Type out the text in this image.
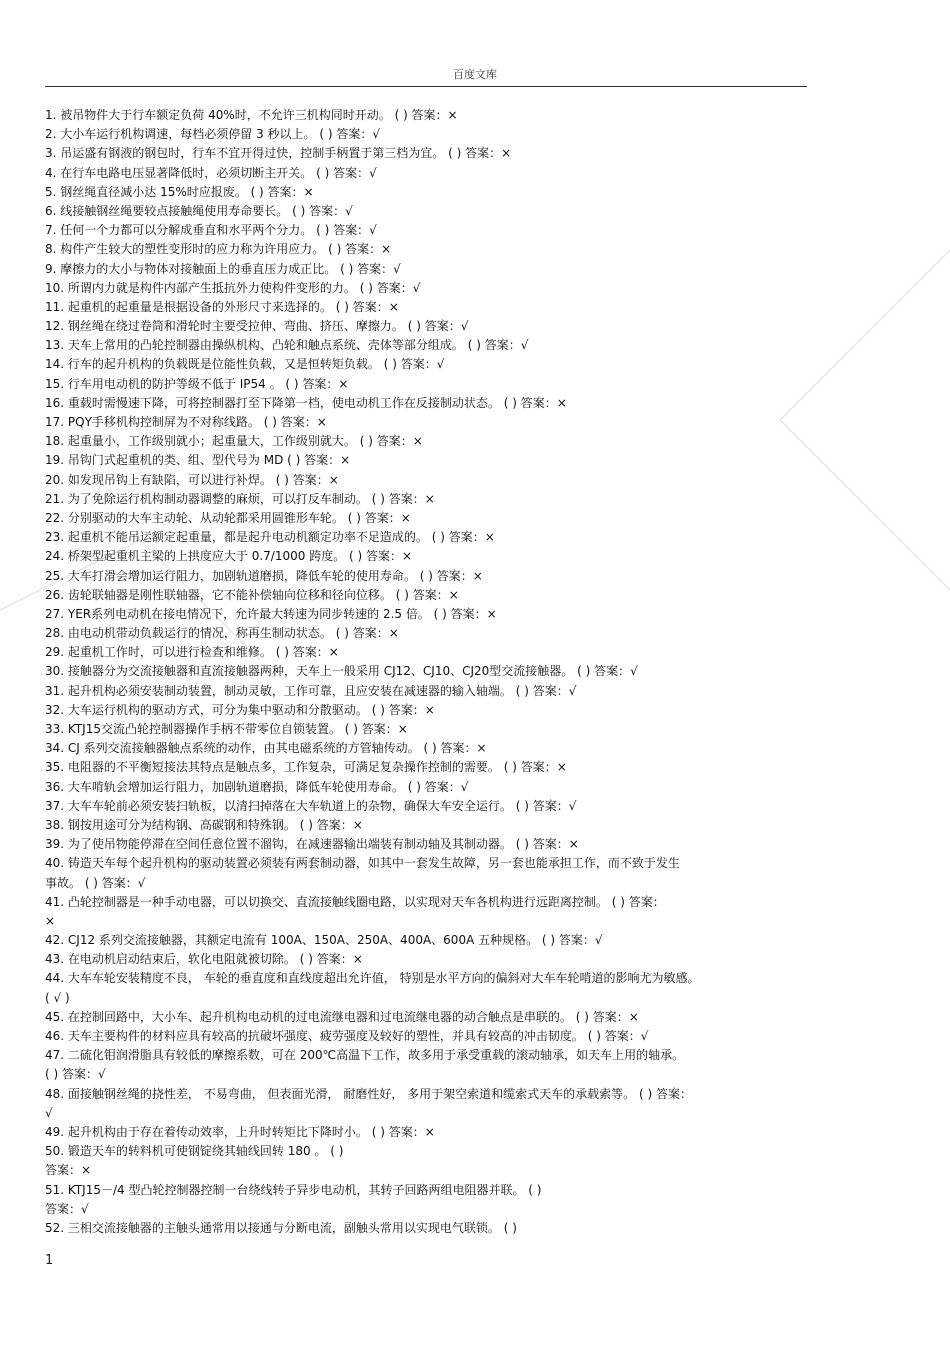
百度文库
1. 被吊物件大于行车额定负荷 40%时，不允许三机构同时开动。 ( ) 答案：×
2. 大小车运行机构调速，每档必须停留 3 秒以上。 ( ) 答案：√
3. 吊运盛有钢液的钢包时，行车不宜开得过快，控制手柄置于第三档为宜。 ( ) 答案：×
4. 在行车电路电压显著降低时，必须切断主开关。 ( ) 答案：√
5. 钢丝绳直径减小达 15%时应报废。 ( ) 答案：×
6. 线接触钢丝绳要较点接触绳使用寿命要长。 ( ) 答案：√
7. 任何一个力都可以分解成垂直和水平两个分力。 ( ) 答案：√
8. 构件产生较大的塑性变形时的应力称为许用应力。 ( ) 答案：×
9. 摩擦力的大小与物体对接触面上的垂直压力成正比。 ( ) 答案：√
10. 所谓内力就是构件内部产生抵抗外力使构件变形的力。 ( ) 答案：√
11. 起重机的起重量是根据设备的外形尺寸来选择的。 ( ) 答案：×
12. 钢丝绳在绕过卷筒和滑轮时主要受拉伸、弯曲、挤压、摩擦力。 ( ) 答案：√
13. 天车上常用的凸轮控制器由操纵机构、凸轮和触点系统、壳体等部分组成。 ( ) 答案：√
14. 行车的起升机构的负载既是位能性负载，又是恒转矩负载。 ( ) 答案：√
15. 行车用电动机的防护等级不低于 IP54 。 ( ) 答案：×
16. 重载时需慢速下降，可将控制器打至下降第一档，使电动机工作在反接制动状态。 ( ) 答案：×
17. PQY手移机构控制屏为不对称线路。 ( ) 答案：×
18. 起重量小，工作级别就小；起重量大，工作级别就大。 ( ) 答案：×
19. 吊钩门式起重机的类、组、型代号为 MD ( ) 答案：×
20. 如发现吊钩上有缺陷，可以进行补焊。 ( ) 答案：×
21. 为了免除运行机构制动器调整的麻烦，可以打反车制动。 ( ) 答案：×
22. 分别驱动的大车主动轮、从动轮都采用圆锥形车轮。 ( ) 答案：×
23. 起重机不能吊运额定起重量，都是起升电动机额定功率不足造成的。 ( ) 答案：×
24. 桥架型起重机主梁的上拱度应大于 0.7/1000 跨度。 ( ) 答案：×
25. 大车打滑会增加运行阻力，加剧轨道磨损，降低车轮的使用寿命。 ( ) 答案：×
26. 齿轮联轴器是刚性联轴器，它不能补偿轴向位移和径向位移。 ( ) 答案：×
27. YER系列电动机在接电情况下，允许最大转速为同步转速的 2.5 倍。 ( ) 答案：×
28. 由电动机带动负载运行的情况，称再生制动状态。 ( ) 答案：×
29. 起重机工作时，可以进行检查和维修。 ( ) 答案：×
30. 接触器分为交流接触器和直流接触器两种，天车上一般采用 CJ12、CJ10、CJ20型交流接触器。 ( ) 答案：√
31. 起升机构必须安装制动装置，制动灵敏，工作可靠，且应安装在减速器的输入轴端。 ( ) 答案：√
32. 大车运行机构的驱动方式，可分为集中驱动和分散驱动。 ( ) 答案：×
33. KTJ15交流凸轮控制器操作手柄不带零位自锁装置。 ( ) 答案：×
34. CJ 系列交流接触器触点系统的动作，由其电磁系统的方管轴传动。 ( ) 答案：×
35. 电阻器的不平衡短接法其特点是触点多，工作复杂，可满足复杂操作控制的需要。 ( ) 答案：×
36. 大车啃轨会增加运行阻力，加剧轨道磨损，降低车轮使用寿命。 ( ) 答案：√
37. 大车车轮前必须安装扫轨板，以清扫掉落在大车轨道上的杂物，确保大车安全运行。 ( ) 答案：√
38. 钢按用途可分为结构钢、高碳钢和特殊钢。 ( ) 答案：×
39. 为了使吊物能停滞在空间任意位置不溜钩，在减速器输出端装有制动轴及其制动器。 ( ) 答案：×
40. 铸造天车每个起升机构的驱动装置必须装有两套制动器，如其中一套发生故障，另一套也能承担工作，而不致于发生
事故。 ( ) 答案：√
41. 凸轮控制器是一种手动电器，可以切换交、直流接触线圈电路，以实现对天车各机构进行远距离控制。 ( ) 答案：
×
42. CJ12 系列交流接触器，其额定电流有 100A、150A、250A、400A、600A 五种规格。 ( ) 答案：√
43. 在电动机启动结束后，软化电阻就被切除。 ( ) 答案：×
44. 大车车轮安装精度不良， 车轮的垂直度和直线度超出允许值， 特别是水平方向的偏斜对大车车轮啃道的影响尤为敏感。
( √ )
45. 在控制回路中，大小车、起升机构电动机的过电流继电器和过电流继电器的动合触点是串联的。 ( ) 答案：×
46. 天车主要构件的材料应具有较高的抗破坏强度、疲劳强度及较好的塑性，并具有较高的冲击韧度。 ( ) 答案：√
47. 二硫化钼润滑脂具有较低的摩擦系数，可在 200℃高温下工作，故多用于承受重载的滚动轴承，如天车上用的轴承。
( ) 答案：√
48. 面接触钢丝绳的挠性差， 不易弯曲， 但表面光滑， 耐磨性好， 多用于架空索道和缆索式天车的承载索等。 ( ) 答案：
√
49. 起升机构由于存在着传动效率，上升时转矩比下降时小。 ( ) 答案：×
50. 锻造天车的转料机可使钢锭绕其轴线回转 180 。 ( )
答案：×
51. KTJ15－/4 型凸轮控制器控制一台绕线转子异步电动机，其转子回路两组电阻器并联。 ( )
答案：√
52. 三相交流接触器的主触头通常用以接通与分断电流，副触头常用以实现电气联锁。 ( )
1
